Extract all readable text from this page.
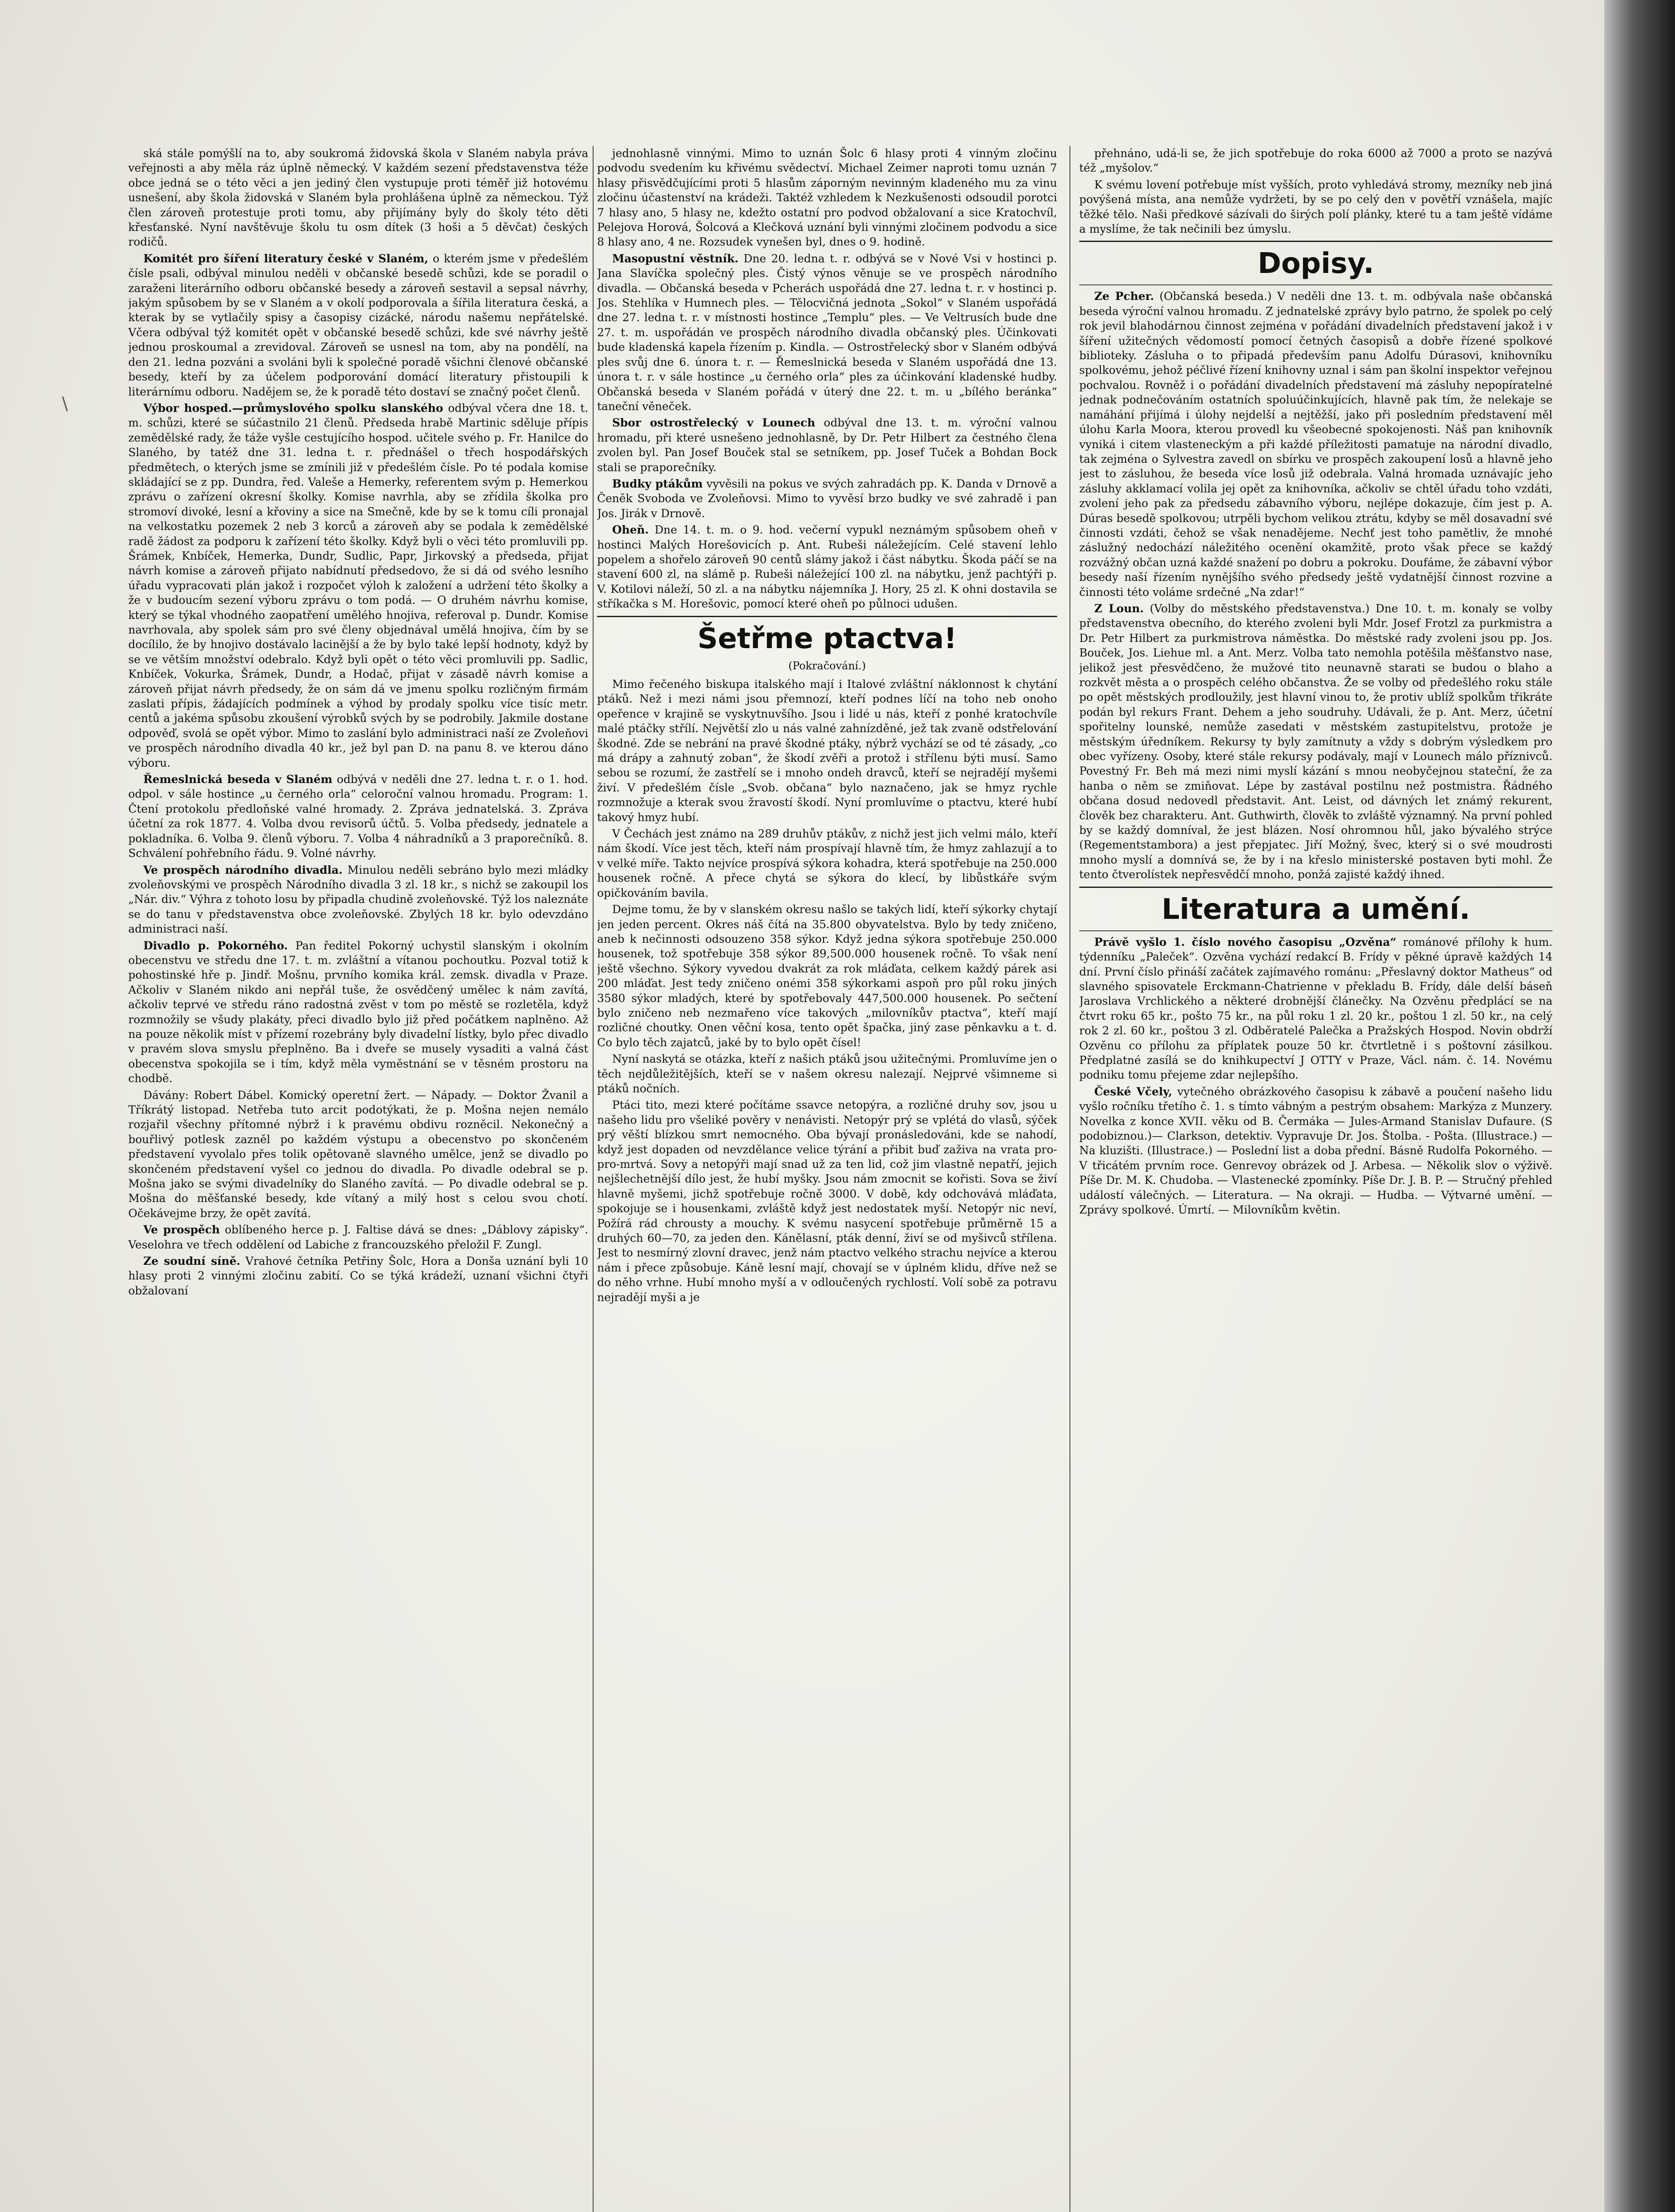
\

ská stále pomýšlí na to, aby soukromá židovská škola v Slaném nabyla práva veřejnosti a aby měla ráz úplně německý. V každém sezení představenstva téže obce jedná se o této věci a jen jediný člen vystupuje proti téměř již hotovému usnešení, aby škola židovská v Slaném byla prohlášena úplně za německou. Týž člen zároveň protestuje proti tomu, aby přijímány byly do školy této děti křesťanské. Nyní navštěvuje školu tu osm dítek (3 hoši a 5 děvčat) českých rodičů.

Komitét pro šíření literatury české v Slaném, o kterém jsme v předešlém čísle psali, odbýval minulou neděli v občanské besedě schůzi, kde se poradil o zaraženi literárního odboru občanské besedy a zároveň sestavil a sepsal návrhy, jakým spůsobem by se v Slaném a v okolí podporovala a šířila literatura česká, a kterak by se vytlačily spisy a časopisy cizácké, národu našemu nepřátelské. Včera odbýval týž komitét opět v občanské besedě schůzi, kde své návrhy ještě jednou proskoumal a zrevidoval. Zároveň se usnesl na tom, aby na pondělí, na den 21. ledna pozváni a svoláni byli k společné poradě všichni členové občanské besedy, kteří by za účelem podporování domácí literatury přistoupili k literárnímu odboru. Nadějem se, že k poradě této dostaví se značný počet členů.

Výbor hosped.—průmyslového spolku slanského odbýval včera dne 18. t. m. schůzi, které se súčastnilo 21 členů. Předseda hrabě Martinic sděluje přípis zemědělské rady, že táže vyšle cestujícího hospod. učitele svého p. Fr. Hanilce do Slaného, by tatéž dne 31. ledna t. r. přednášel o třech hospodářských předmětech, o kterých jsme se zmínili již v předešlém čísle. Po té podala komise skládající se z pp. Dundra, řed. Valeše a Hemerky, referentem svým p. Hemerkou zprávu o zařízení okresní školky. Komise navrhla, aby se zřídila školka pro stromoví divoké, lesní a křoviny a sice na Smečně, kde by se k tomu cíli pronajal na velkostatku pozemek 2 neb 3 korců a zároveň aby se podala k zemědělské radě žádost za podporu k zařízení této školky. Když byli o věci této promluvili pp. Šrámek, Knbíček, Hemerka, Dundr, Sudlic, Papr, Jirkovský a předseda, přijat návrh komise a zároveň přijato nabídnutí předsedovo, že si dá od svého lesního úřadu vypracovati plán jakož i rozpočet výloh k založení a udržení této školky a že v budoucím sezení výboru zprávu o tom podá. — O druhém návrhu komise, který se týkal vhodného zaopatření umělého hnojiva, referoval p. Dundr. Komise navrhovala, aby spolek sám pro své členy objednával umělá hnojiva, čím by se docílilo, že by hnojivo dostávalo lacinější a že by bylo také lepší hodnoty, když by se ve větším množství odebralo. Když byli opět o této věci promluvili pp. Sadlic, Knbíček, Vokurka, Šrámek, Dundr, a Hodač, přijat v zásadě návrh komise a zároveň přijat návrh předsedy, že on sám dá ve jmenu spolku rozličným firmám zaslati přípis, žádajících podmínek a výhod by prodaly spolku více tisíc metr. centů a jakéma spůsobu zkoušení výrobků svých by se podrobily. Jakmile dostane odpověď, svolá se opět výbor. Mimo to zaslání bylo administraci naší ze Zvoleňovi ve prospěch národního divadla 40 kr., jež byl pan D. na panu 8. ve kterou dáno výboru.

Řemeslnická beseda v Slaném odbývá v neděli dne 27. ledna t. r. o 1. hod. odpol. v sále hostince „u černého orla“ celoroční valnou hromadu. Program: 1. Čtení protokolu předloňské valné hromady. 2. Zpráva jednatelská. 3. Zpráva účetní za rok 1877. 4. Volba dvou revisorů účtů. 5. Volba předsedy, jednatele a pokladníka. 6. Volba 9. členů výboru. 7. Volba 4 náhradníků a 3 praporečníků. 8. Schválení pohřebního řádu. 9. Volné návrhy.

Ve prospěch národního divadla. Minulou neděli sebráno bylo mezi mládky zvoleňovskými ve prospěch Národního divadla 3 zl. 18 kr., s nichž se zakoupil los „Nár. div.“ Výhra z tohoto losu by připadla chudině zvoleňovské. Týž los naleznáte se do tanu v představenstva obce zvoleňovské. Zbylých 18 kr. bylo odevzdáno administraci naší.

Divadlo p. Pokorného. Pan ředitel Pokorný uchystil slanským i okolním obecenstvu ve středu dne 17. t. m. zvláštní a vítanou pochoutku. Pozval totiž k pohostinské hře p. Jindř. Mošnu, prvního komika král. zemsk. divadla v Praze. Ačkoliv v Slaném nikdo ani nepřál tuše, že osvědčený umělec k nám zavítá, ačkoliv teprvé ve středu ráno radostná zvěst v tom po městě se rozletěla, když rozmnožily se všudy plakáty, přeci divadlo bylo již před počátkem naplněno. Až na pouze několik míst v přízemí rozebrány byly divadelní lístky, bylo přec divadlo v pravém slova smyslu přeplněno. Ba i dveře se musely vysaditi a valná část obecenstva spokojila se i tím, když měla vyměstnání se v těsném prostoru na chodbě.

Dávány: Robert Dábel. Komický operetní žert. — Nápady. — Doktor Žvanil a Tříkrátý listopad. Netřeba tuto arcit podotýkati, že p. Mošna nejen nemálo rozjařil všechny přítomné nýbrž i k pravému obdivu rozněcil. Nekonečný a bouřlivý potlesk zazněl po každém výstupu a obecenstvo po skončeném představení vyvolalo přes tolik opětovaně slavného umělce, jenž se divadlo po skončeném představení vyšel co jednou do divadla. Po divadle odebral se p. Mošna jako se svými divadelníky do Slaného zavítá. — Po divadle odebral se p. Mošna do měšťanské besedy, kde vítaný a milý host s celou svou chotí. Očekávejme brzy, že opět zavítá.

Ve prospěch oblíbeného herce p. J. Faltise dává se dnes: „Dáblovy zápisky“. Veselohra ve třech oddělení od Labiche z francouzského přeložil F. Zungl.

Ze soudní síně. Vrahové četníka Petřiny Šolc, Hora a Donša uznání byli 10 hlasy proti 2 vinnými zločinu zabití. Co se týká krádeží, uznaní všichni čtyři obžalovaní

jednohlasně vinnými. Mimo to uznán Šolc 6 hlasy proti 4 vinným zločinu podvodu svedením ku křivému svědectví. Michael Zeimer naproti tomu uznán 7 hlasy přisvědčujícími proti 5 hlasům záporným nevinným kladeného mu za vinu zločinu účastenství na krádeži. Taktéž vzhledem k Nezkušenosti odsoudil porotci 7 hlasy ano, 5 hlasy ne, kdežto ostatní pro podvod obžalovaní a sice Kratochvíl, Pelejova Horová, Šolcová a Klečková uznání byli vinnými zločinem podvodu a sice 8 hlasy ano, 4 ne. Rozsudek vynešen byl, dnes o 9. hodině.

Masopustní věstník. Dne 20. ledna t. r. odbývá se v Nové Vsi v hostinci p. Jana Slavíčka společný ples. Čistý výnos věnuje se ve prospěch národního divadla. — Občanská beseda v Pcherách uspořádá dne 27. ledna t. r. v hostinci p. Jos. Stehlíka v Humnech ples. — Tělocvičná jednota „Sokol“ v Slaném uspořádá dne 27. ledna t. r. v místnosti hostince „Templu“ ples. — Ve Veltrusích bude dne 27. t. m. uspořádán ve prospěch národního divadla občanský ples. Účinkovati bude kladenská kapela řízením p. Kindla. — Ostrostřelecký sbor v Slaném odbývá ples svůj dne 6. února t. r. — Řemeslnická beseda v Slaném uspořádá dne 13. února t. r. v sále hostince „u černého orla“ ples za účinkování kladenské hudby. Občanská beseda v Slaném pořádá v úterý dne 22. t. m. u „bílého beránka“ taneční věneček.

Sbor ostrostřelecký v Lounech odbýval dne 13. t. m. výroční valnou hromadu, při které usnešeno jednohlasně, by Dr. Petr Hilbert za čestného člena zvolen byl. Pan Josef Bouček stal se setníkem, pp. Josef Tuček a Bohdan Bock stali se praporečníky.

Budky ptákům vyvěsili na pokus ve svých zahradách pp. K. Danda v Drnově a Čeněk Svoboda ve Zvoleňovsi. Mimo to vyvěsí brzo budky ve své zahradě i pan Jos. Jirák v Drnově.

Oheň. Dne 14. t. m. o 9. hod. večerní vypukl neznámým spůsobem oheň v hostinci Malých Horešovicích p. Ant. Rubeši náležejícím. Celé stavení lehlo popelem a shořelo zároveň 90 centů slámy jakož i část nábytku. Škoda páčí se na stavení 600 zl, na slámě p. Rubeši náležející 100 zl. na nábytku, jenž pachtýři p. V. Kotilovi náleží, 50 zl. a na nábytku nájemníka J. Hory, 25 zl. K ohni dostavila se stříkačka s M. Horešovic, pomocí které oheň po půlnoci udušen.

Šetřme ptactva!
(Pokračování.)

Mimo řečeného biskupa italského mají i Italové zvláštní náklonnost k chytání ptáků. Než i mezi námi jsou přemnozí, kteří podnes líčí na toho neb onoho opeřence v krajině se vyskytnuvšího. Jsou i lidé u nás, kteří z ponhé kratochvíle malé ptáčky střílí. Největší zlo u nás valné zahnízděné, jež tak zvaně odstřelování škodné. Zde se nebrání na pravé škodné ptáky, nýbrž vychází se od té zásady, „co má drápy a zahnutý zoban“, že škodí zvěři a protož i střílenu býti musí. Samo sebou se rozumí, že zastřelí se i mnoho ondeh dravců, kteří se nejradějí myšemi živí. V předešlém čísle „Svob. občana“ bylo naznačeno, jak se hmyz rychle rozmnožuje a kterak svou žravostí škodí. Nyní promluvíme o ptactvu, které hubí takový hmyz hubí.

V Čechách jest známo na 289 druhův ptákův, z nichž jest jich velmi málo, kteří nám škodí. Více jest těch, kteří nám prospívají hlavně tím, že hmyz zahlazují a to v velké míře. Takto nejvíce prospívá sýkora kohadra, která spotřebuje na 250.000 housenek ročně. A přece chytá se sýkora do klecí, by libůstkáře svým opičkováním bavila.

Dejme tomu, že by v slanském okresu našlo se takých lidí, kteří sýkorky chytají jen jeden percent. Okres náš čítá na 35.800 obyvatelstva. Bylo by tedy zničeno, aneb k nečinnosti odsouzeno 358 sýkor. Když jedna sýkora spotřebuje 250.000 housenek, tož spotřebuje 358 sýkor 89,500.000 housenek ročně. To však není ještě všechno. Sýkory vyvedou dvakrát za rok mláďata, celkem každý párek asi 200 mláďat. Jest tedy zničeno onémi 358 sýkorkami aspoň pro půl roku jiných 3580 sýkor mladých, které by spotřebovaly 447,500.000 housenek. Po sečtení bylo zničeno neb nezmařeno více takových „milovníkův ptactva“, kteří mají rozličné choutky. Onen věční kosa, tento opět špačka, jiný zase pěnkavku a t. d. Co bylo těch zajatců, jaké by to bylo opět čísel!

Nyní naskytá se otázka, kteří z našich ptáků jsou užitečnými. Promluvíme jen o těch nejdůležitějších, kteří se v našem okresu nalezají. Nejprvé všimneme si ptáků nočních.

Ptáci tito, mezi které počítáme ssavce netopýra, a rozličné druhy sov, jsou u našeho lidu pro všeliké pověry v nenávisti. Netopýr prý se vplétá do vlasů, sýček prý věští blízkou smrt nemocného. Oba bývají pronásledováni, kde se nahodí, když jest dopaden od nevzdělance velice týrání a přibit buď zaživa na vrata pro-pro-mrtvá. Sovy a netopýři mají snad už za ten lid, což jim vlastně nepatří, jejich nejšlechetnější dílo jest, že hubí myšky. Jsou nám zmocnit se kořisti. Sova se živí hlavně myšemi, jichž spotřebuje ročně 3000. V době, kdy odchovává mláďata, spokojuje se i housenkami, zvláště když jest nedostatek myší. Netopýr nic neví, Požírá rád chrousty a mouchy. K svému nasycení spotřebuje průměrně 15 a druhých 60—70, za jeden den. Kánělasní, pták denní, živí se od myšivců střílena. Jest to nesmírný zlovní dravec, jenž nám ptactvo velkého strachu nejvíce a kterou nám i přece způsobuje. Káně lesní mají, chovají se v úplném klidu, dříve než se do něho vrhne. Hubí mnoho myší a v odloučených rychlostí. Volí sobě za potravu nejradějí myši a je

přehnáno, udá-li se, že jich spotřebuje do roka 6000 až 7000 a proto se nazývá též „myšolov.“

K svému lovení potřebuje míst vyšších, proto vyhledává stromy, mezníky neb jiná povýšená místa, ana nemůže vydržeti, by se po celý den v povětří vznášela, majíc těžké tělo. Naši předkové sázívali do širých polí plánky, které tu a tam ještě vídáme a myslíme, že tak nečinili bez úmyslu.

Dopisy.

Ze Pcher. (Občanská beseda.) V neděli dne 13. t. m. odbývala naše občanská beseda výroční valnou hromadu. Z jednatelské zprávy bylo patrno, že spolek po celý rok jevil blahodárnou činnost zejména v pořádání divadelních představení jakož i v šíření užitečných vědomostí pomocí četných časopisů a dobře řízené spolkové biblioteky. Zásluha o to připadá především panu Adolfu Dúrasovi, knihovníku spolkovému, jehož péčlivé řízení knihovny uznal i sám pan školní inspektor veřejnou pochvalou. Rovněž i o pořádání divadelních představení má zásluhy nepopíratelné jednak podnečováním ostatních spoluúčinkujících, hlavně pak tím, že nelekaje se namáhání přijímá i úlohy nejdelší a nejtěžší, jako při posledním představení měl úlohu Karla Moora, kterou provedl ku všeobecné spokojenosti. Náš pan knihovník vyniká i citem vlasteneckým a při každé příležitosti pamatuje na národní divadlo, tak zejména o Sylvestra zavedl on sbírku ve prospěch zakoupení losů a hlavně jeho jest to zásluhou, že beseda více losů již odebrala. Valná hromada uznávajíc jeho zásluhy akklamací volila jej opět za knihovníka, ačkoliv se chtěl úřadu toho vzdáti, zvolení jeho pak za předsedu zábavního výboru, nejlépe dokazuje, čím jest p. A. Dúras besedě spolkovou; utrpěli bychom velikou ztrátu, kdyby se měl dosavadní své činnosti vzdáti, čehož se však nenadějeme. Nechť jest toho pamětliv, že mnohé záslužný nedochází náležitého ocenění okamžitě, proto však přece se každý rozvážný občan uzná každé snažení po dobru a pokroku. Doufáme, že zábavní výbor besedy naší řízením nynějšího svého předsedy ještě vydatnější činnost rozvine a činnosti této voláme srdečné „Na zdar!“

Z Loun. (Volby do městského představenstva.) Dne 10. t. m. konaly se volby představenstva obecního, do kterého zvoleni byli Mdr. Josef Frotzl za purkmistra a Dr. Petr Hilbert za purkmistrova náměstka. Do městské rady zvoleni jsou pp. Jos. Bouček, Jos. Liehue ml. a Ant. Merz. Volba tato nemohla potěšila měšťanstvo nase, jelikož jest přesvědčeno, že mužové tito neunavně starati se budou o blaho a rozkvět města a o prospěch celého občanstva. Že se volby od předešlého roku stále po opět městských prodloužily, jest hlavní vinou to, že protiv ublíž spolkům třikráte podán byl rekurs Frant. Dehem a jeho soudruhy. Udávali, že p. Ant. Merz, účetní spořitelny lounské, nemůže zasedati v městském zastupitelstvu, protože je městským úředníkem. Rekursy ty byly zamítnuty a vždy s dobrým výsledkem pro obec vyřízeny. Osoby, které stále rekursy podávaly, mají v Lounech málo příznivců. Povestný Fr. Beh má mezi nimi myslí kázání s mnou neobyčejnou stateční, že za hanba o něm se zmiňovat. Lépe by zastával postilnu než postmistra. Řádného občana dosud nedovedl představit. Ant. Leist, od dávných let známý rekurent, člověk bez charakteru. Ant. Guthwirth, člověk to zvláště významný. Na první pohled by se každý domníval, že jest blázen. Nosí ohromnou hůl, jako bývalého strýce (Regementstambora) a jest přepjatec. Jiří Možný, švec, který si o své moudrosti mnoho myslí a domnívá se, že by i na křeslo ministerské postaven byti mohl. Že tento čtverolístek nepřesvědčí mnoho, ponžá zajisté každý ihned.

Literatura a umění.

Právě vyšlo 1. číslo nového časopisu „Ozvěna“ románové přílohy k hum. týdenníku „Paleček“. Ozvěna vychází redakcí B. Frídy v pěkné úpravě každých 14 dní. První číslo přináší začátek zajímavého románu: „Přeslavný doktor Matheus“ od slavného spisovatele Erckmann-Chatrienne v překladu B. Frídy, dále delší báseň Jaroslava Vrchlického a některé drobnější článečky. Na Ozvěnu předplácí se na čtvrt roku 65 kr., pošto 75 kr., na půl roku 1 zl. 20 kr., poštou 1 zl. 50 kr., na celý rok 2 zl. 60 kr., poštou 3 zl. Odběratelé Palečka a Pražských Hospod. Novin obdrží Ozvěnu co přílohu za příplatek pouze 50 kr. čtvrtletně i s poštovní zásilkou. Předplatné zasílá se do knihkupectví J OTTY v Praze, Václ. nám. č. 14. Novému podniku tomu přejeme zdar nejlepšího.

České Včely, vytečného obrázkového časopisu k zábavě a poučení našeho lidu vyšlo ročníku třetího č. 1. s tímto vábným a pestrým obsahem: Markýza z Munzery. Novelka z konce XVII. věku od B. Čermáka — Jules-Armand Stanislav Dufaure. (S podobiznou.)— Clarkson, detektiv. Vypravuje Dr. Jos. Štolba. - Pošta. (Illustrace.) — Na kluzišti. (Illustrace.) — Poslední list a doba přední. Básně Rudolfa Pokorného. — V třicátém prvním roce. Genrevoy obrázek od J. Arbesa. — Několik slov o výživě. Píše Dr. M. K. Chudoba. — Vlastenecké zpomínky. Píše Dr. J. B. P. — Stručný přehled událostí válečných. — Literatura. — Na okraji. — Hudba. — Výtvarné umění. — Zprávy spolkové. Úmrtí. — Milovníkům květin.
